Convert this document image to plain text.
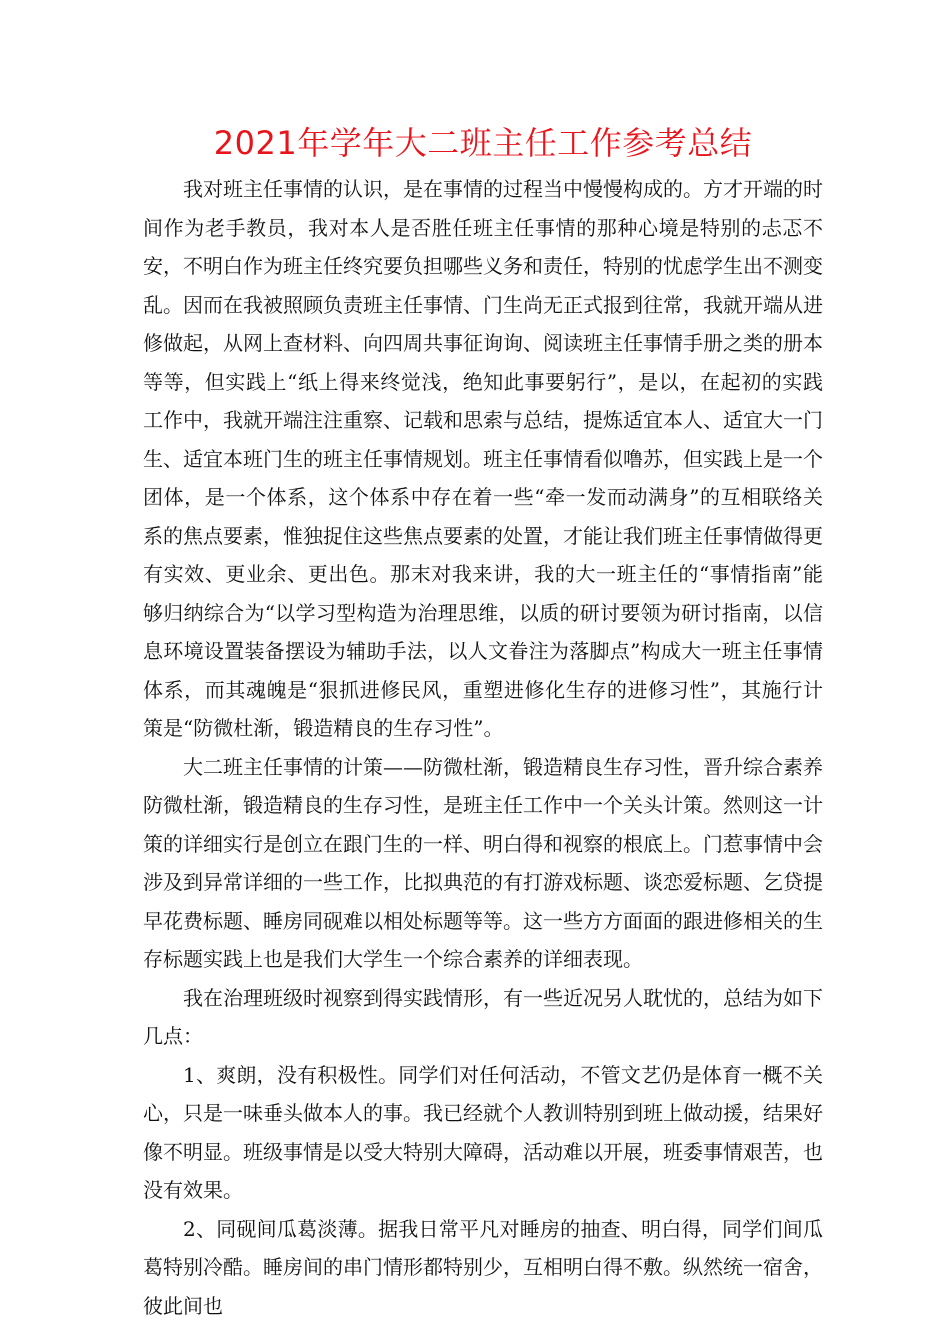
2021年学年大二班主任工作参考总结

我对班主任事情的认识，是在事情的过程当中慢慢构成的。方才开端的时间作为老手教员，我对本人是否胜任班主任事情的那种心境是特别的忐忑不安，不明白作为班主任终究要负担哪些义务和责任，特别的忧虑学生出不测变乱。因而在我被照顾负责班主任事情、门生尚无正式报到往常，我就开端从进修做起，从网上查材料、向四周共事征询询、阅读班主任事情手册之类的册本等等，但实践上“纸上得来终觉浅，绝知此事要躬行”，是以，在起初的实践工作中，我就开端注注重察、记载和思索与总结，提炼适宜本人、适宜大一门生、适宜本班门生的班主任事情规划。班主任事情看似噜苏，但实践上是一个团体，是一个体系，这个体系中存在着一些“牵一发而动满身”的互相联络关系的焦点要素，惟独捉住这些焦点要素的处置，才能让我们班主任事情做得更有实效、更业余、更出色。那末对我来讲，我的大一班主任的“事情指南”能够归纳综合为“以学习型构造为治理思维，以质的研讨要领为研讨指南，以信息环境设置装备摆设为辅助手法，以人文眷注为落脚点”构成大一班主任事情体系，而其魂魄是“狠抓进修民风，重塑进修化生存的进修习性”，其施行计策是“防微杜渐，锻造精良的生存习性”。

大二班主任事情的计策——防微杜渐，锻造精良生存习性，晋升综合素养 防微杜渐，锻造精良的生存习性，是班主任工作中一个关头计策。然则这一计策的详细实行是创立在跟门生的一样、明白得和视察的根底上。门惹事情中会涉及到异常详细的一些工作，比拟典范的有打游戏标题、谈恋爱标题、乞贷提早花费标题、睡房同砚难以相处标题等等。这一些方方面面的跟进修相关的生存标题实践上也是我们大学生一个综合素养的详细表现。

我在治理班级时视察到得实践情形，有一些近况另人耽忧的，总结为如下几点：

1、爽朗，没有积极性。同学们对任何活动，不管文艺仍是体育一概不关心，只是一味垂头做本人的事。我已经就个人教训特别到班上做动援，结果好像不明显。班级事情是以受大特别大障碍，活动难以开展，班委事情艰苦，也没有效果。

2、同砚间瓜葛淡薄。据我日常平凡对睡房的抽查、明白得，同学们间瓜葛特别冷酷。睡房间的串门情形都特别少，互相明白得不敷。纵然统一宿舍，彼此间也
